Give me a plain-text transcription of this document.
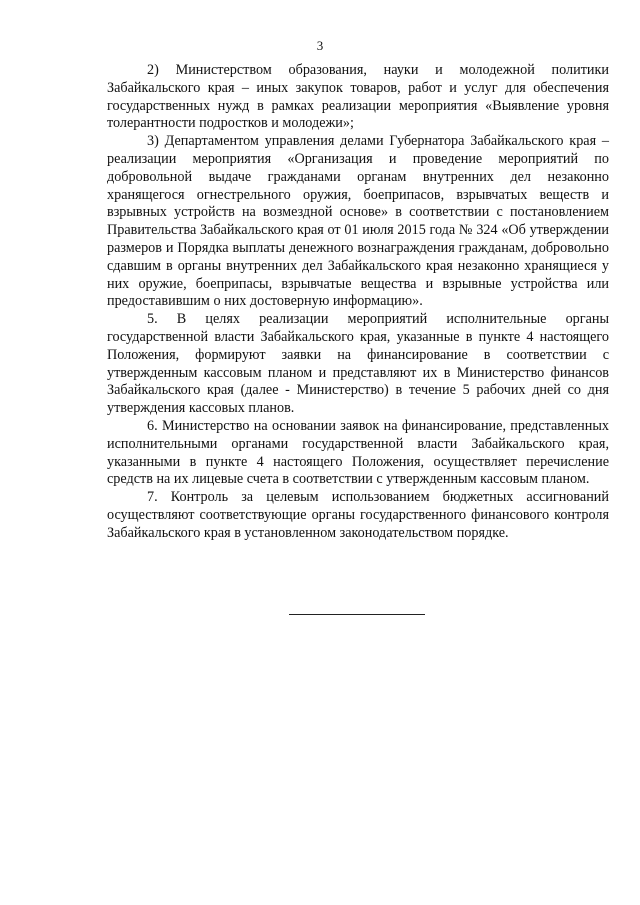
3

2) Министерством образования, науки и молодежной политики Забайкальского края – иных закупок товаров, работ и услуг для обеспечения государственных нужд в рамках реализации мероприятия «Выявление уровня толерантности подростков и молодежи»;

3) Департаментом управления делами Губернатора Забайкальского края – реализации мероприятия «Организация и проведение мероприятий по добровольной выдаче гражданами органам внутренних дел незаконно хранящегося огнестрельного оружия, боеприпасов, взрывчатых веществ и взрывных устройств на возмездной основе» в соответствии с постановлением Правительства Забайкальского края от 01 июля 2015 года № 324 «Об утверждении размеров и Порядка выплаты денежного вознаграждения гражданам, добровольно сдавшим в органы внутренних дел Забайкальского края незаконно хранящиеся у них оружие, боеприпасы, взрывчатые вещества и взрывные устройства или предоставившим о них достоверную информацию».

5. В целях реализации мероприятий исполнительные органы государственной власти Забайкальского края, указанные в пункте 4 настоящего Положения, формируют заявки на финансирование в соответствии с утвержденным кассовым планом и представляют их в Министерство финансов Забайкальского края (далее - Министерство) в течение 5 рабочих дней со дня утверждения кассовых планов.

6. Министерство на основании заявок на финансирование, представленных исполнительными органами государственной власти Забайкальского края, указанными в пункте 4 настоящего Положения, осуществляет перечисление средств на их лицевые счета в соответствии с утвержденным кассовым планом.

7. Контроль за целевым использованием бюджетных ассигнований осуществляют соответствующие органы государственного финансового контроля Забайкальского края в установленном законодательством порядке.
